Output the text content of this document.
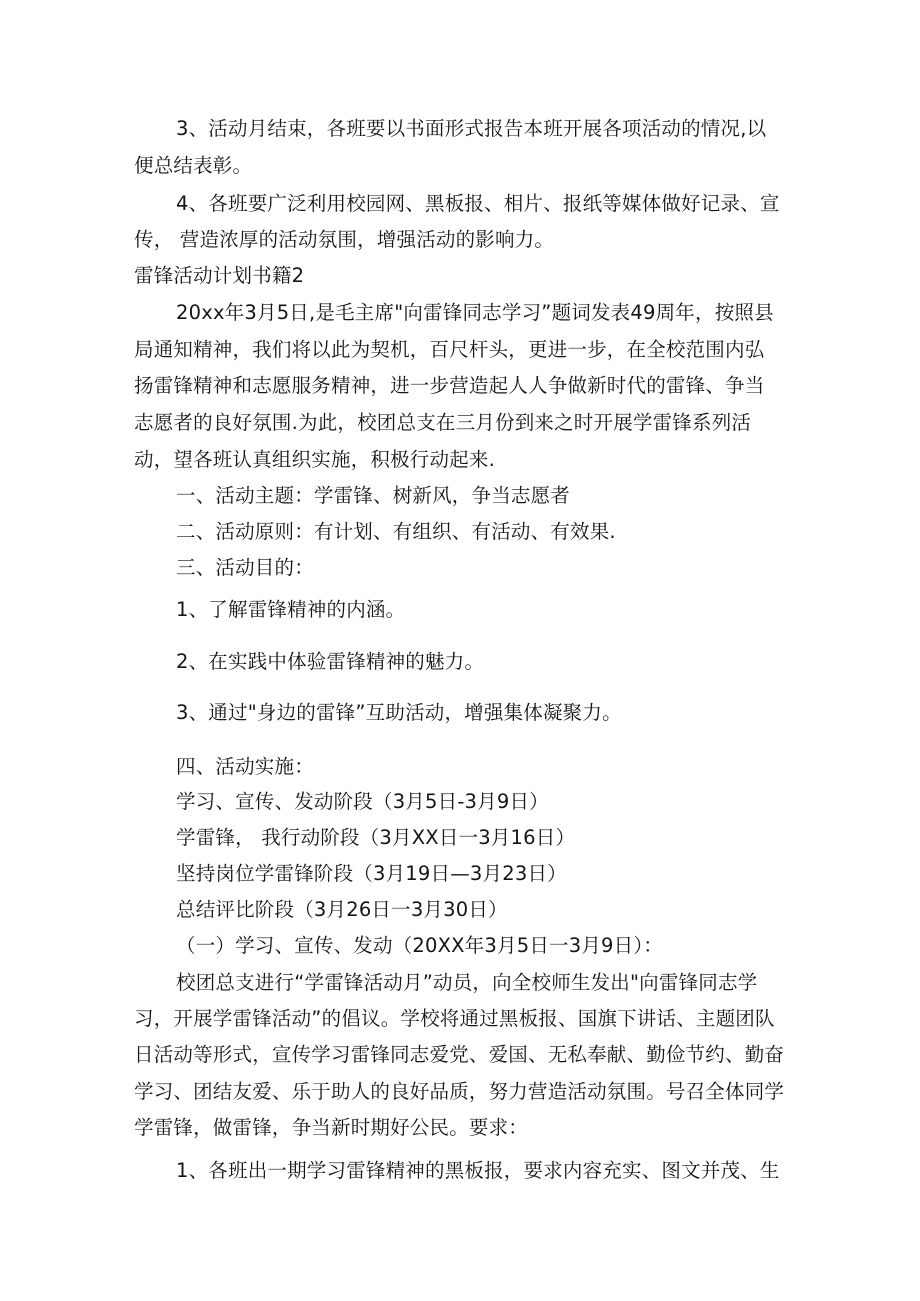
3、活动月结束，各班要以书面形式报告本班开展各项活动的情况,以

便总结表彰。

4、各班要广泛利用校园网、黑板报、相片、报纸等媒体做好记录、宣

传， 营造浓厚的活动氛围，增强活动的影响力。

雷锋活动计划书籍2

20xx年3月5日,是毛主席"向雷锋同志学习”题词发表49周年，按照县

局通知精神，我们将以此为契机，百尺杆头，更进一步，在全校范围内弘

扬雷锋精神和志愿服务精神，进一步营造起人人争做新时代的雷锋、争当

志愿者的良好氛围.为此，校团总支在三月份到来之时开展学雷锋系列活

动，望各班认真组织实施，积极行动起来.

一、活动主题：学雷锋、树新风，争当志愿者

二、活动原则：有计划、有组织、有活动、有效果.

三、活动目的：

1、了解雷锋精神的内涵。

2、在实践中体验雷锋精神的魅力。

3、通过"身边的雷锋”互助活动，增强集体凝聚力。

四、活动实施：

学习、宣传、发动阶段（3月5日-3月9日）

学雷锋， 我行动阶段（3月XX日一3月16日）

坚持岗位学雷锋阶段（3月19日—3月23日）

总结评比阶段（3月26日一3月30日）

（一）学习、宣传、发动（20XX年3月5日一3月9日）：

校团总支进行“学雷锋活动月”动员，向全校师生发出"向雷锋同志学

习，开展学雷锋活动”的倡议。学校将通过黑板报、国旗下讲话、主题团队

日活动等形式，宣传学习雷锋同志爱党、爱国、无私奉献、勤俭节约、勤奋

学习、团结友爱、乐于助人的良好品质，努力营造活动氛围。号召全体同学

学雷锋，做雷锋，争当新时期好公民。要求：

1、各班出一期学习雷锋精神的黑板报，要求内容充实、图文并茂、生
